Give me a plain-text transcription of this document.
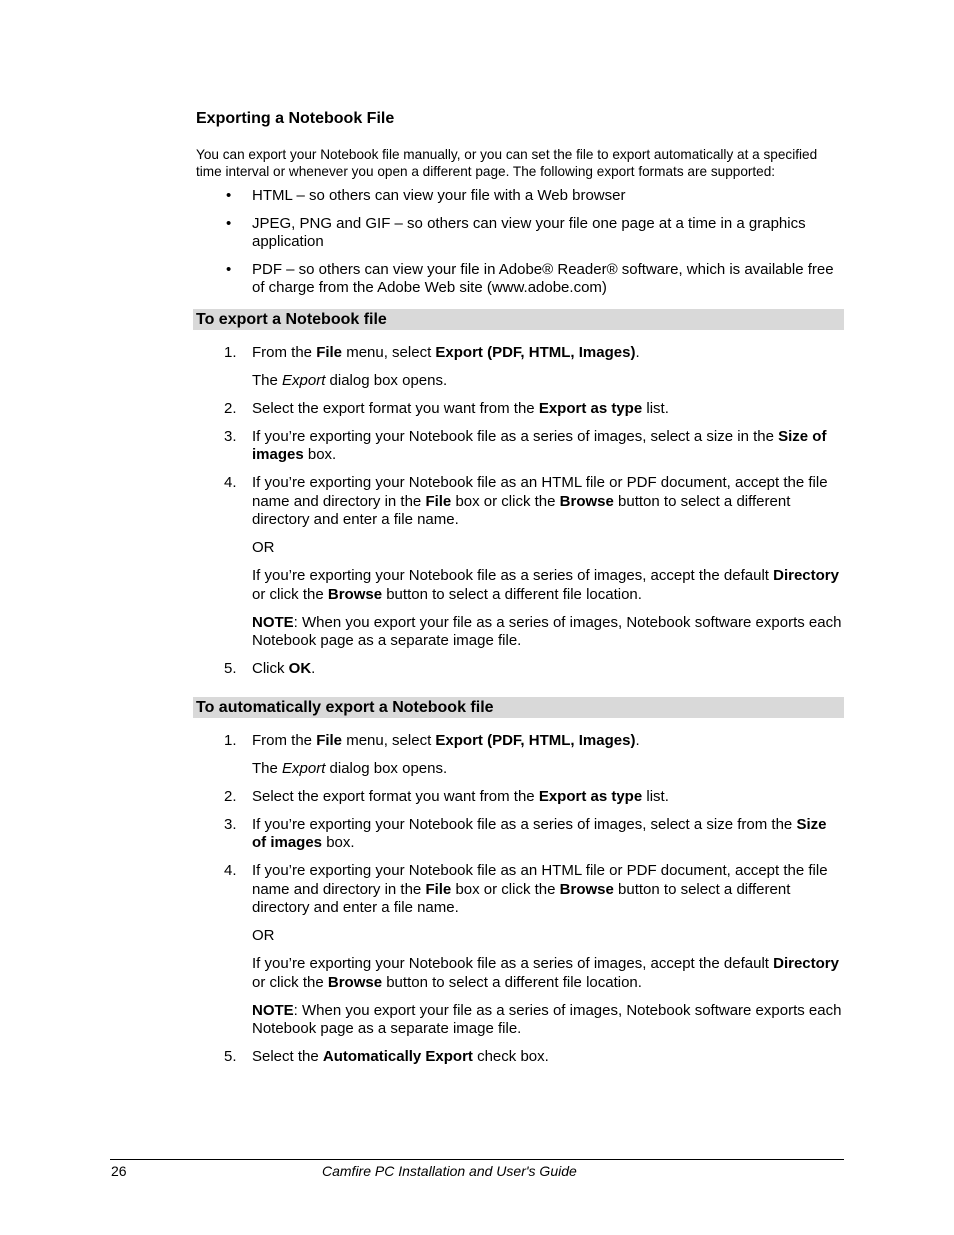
Exporting a Notebook File

You can export your Notebook file manually, or you can set the file to export automatically at a specified time interval or whenever you open a different page. The following export formats are supported:

• HTML – so others can view your file with a Web browser
• JPEG, PNG and GIF – so others can view your file one page at a time in a graphics application
• PDF – so others can view your file in Adobe® Reader® software, which is available free of charge from the Adobe Web site (www.adobe.com)
To export a Notebook file
1. From the File menu, select Export (PDF, HTML, Images).
The Export dialog box opens.
2. Select the export format you want from the Export as type list.
3. If you’re exporting your Notebook file as a series of images, select a size in the Size of images box.
4. If you’re exporting your Notebook file as an HTML file or PDF document, accept the file name and directory in the File box or click the Browse button to select a different directory and enter a file name.
OR
If you’re exporting your Notebook file as a series of images, accept the default Directory or click the Browse button to select a different file location.
NOTE: When you export your file as a series of images, Notebook software exports each Notebook page as a separate image file.
5. Click OK.
To automatically export a Notebook file
1. From the File menu, select Export (PDF, HTML, Images).
The Export dialog box opens.
2. Select the export format you want from the Export as type list.
3. If you’re exporting your Notebook file as a series of images, select a size from the Size of images box.
4. If you’re exporting your Notebook file as an HTML file or PDF document, accept the file name and directory in the File box or click the Browse button to select a different directory and enter a file name.
OR
If you’re exporting your Notebook file as a series of images, accept the default Directory or click the Browse button to select a different file location.
NOTE: When you export your file as a series of images, Notebook software exports each Notebook page as a separate image file.
5. Select the Automatically Export check box.
26	Camfire PC Installation and User's Guide
